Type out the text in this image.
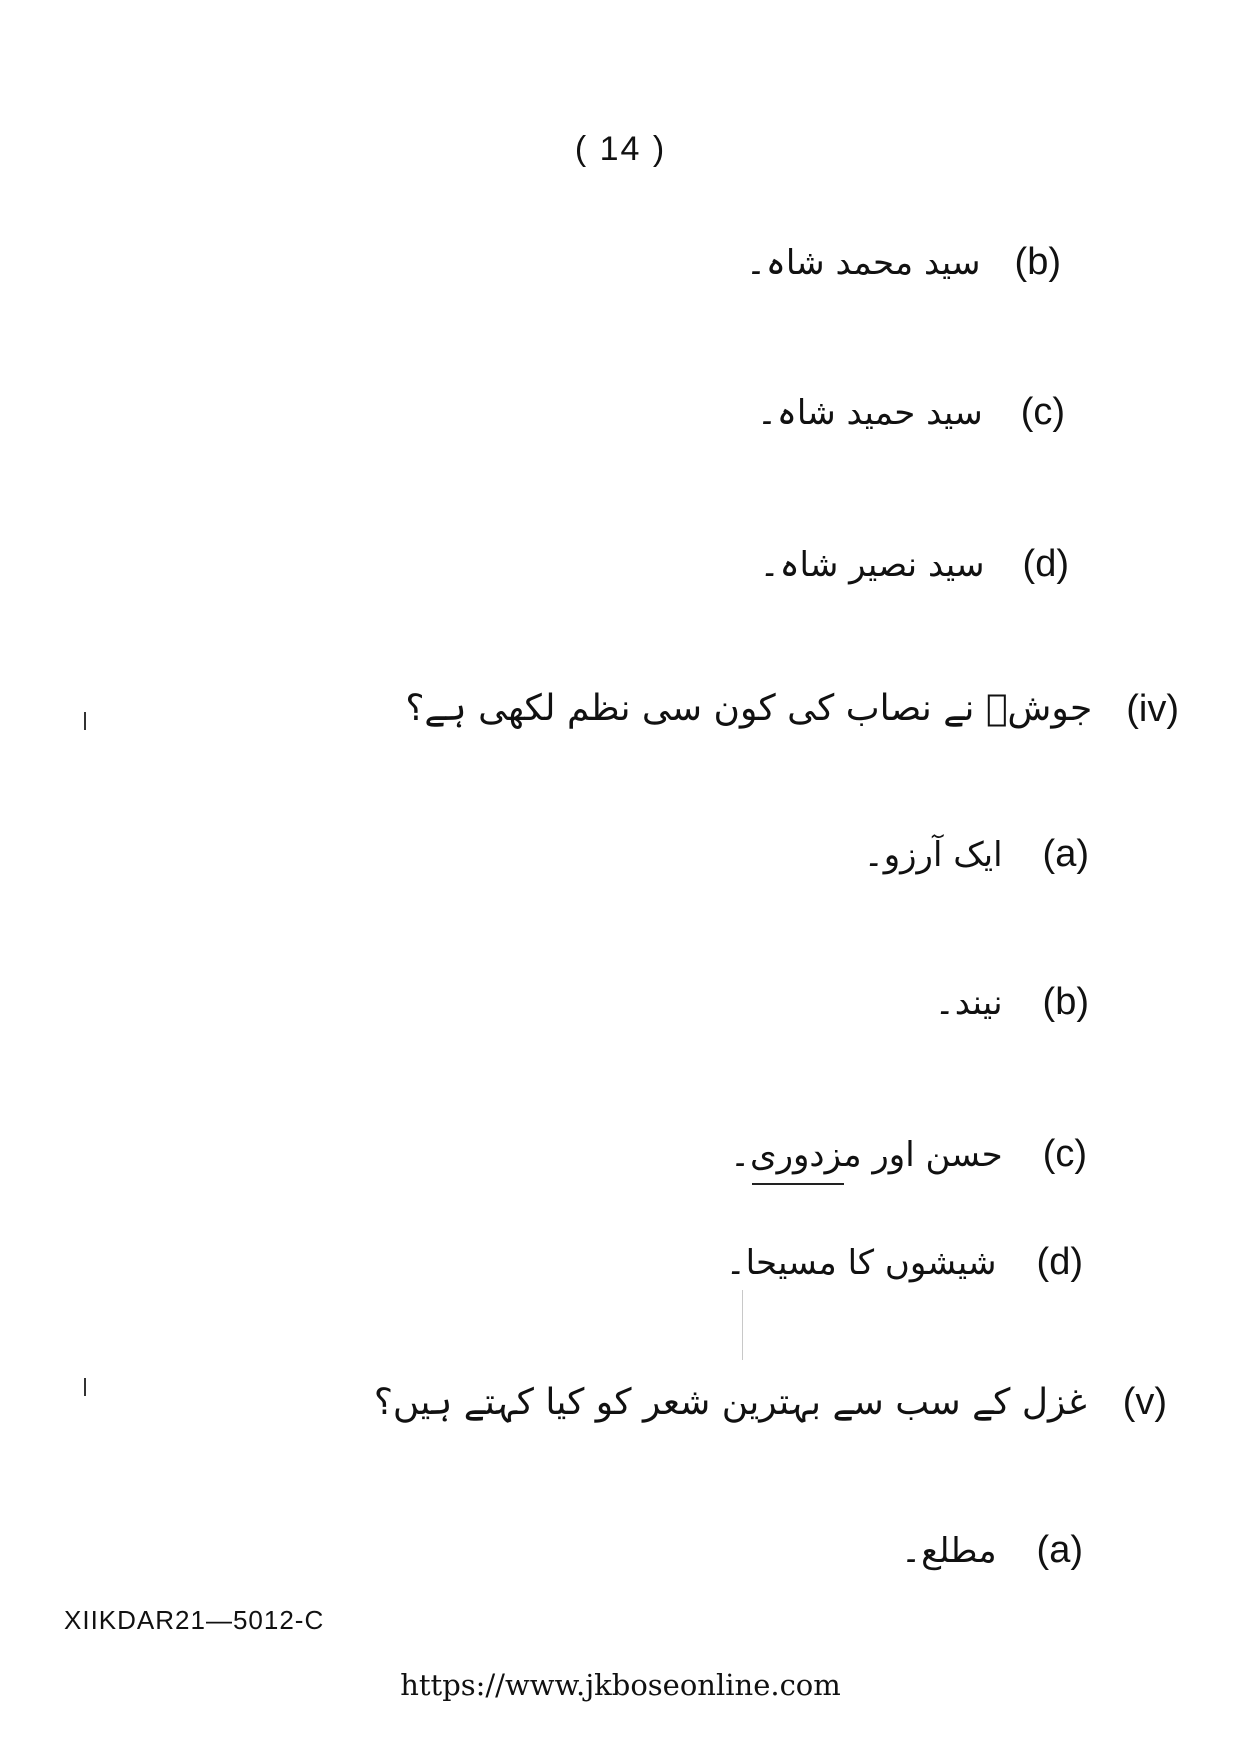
( 14 )
(b)
سید محمد شاہ۔
(c)
سید حمید شاہ۔
(d)
سید نصیر شاہ۔
(iv)
جوشؔ نے نصاب کی کون سی نظم لکھی ہے؟
(a)
ایک آرزو۔
(b)
نیند۔
(c)
حسن اور مزدوری۔
(d)
شیشوں کا مسیحا۔
(v)
غزل کے سب سے بہترین شعر کو کیا کہتے ہیں؟
(a)
مطلع۔
XIIKDAR21—5012-C
https://www.jkboseonline.com
